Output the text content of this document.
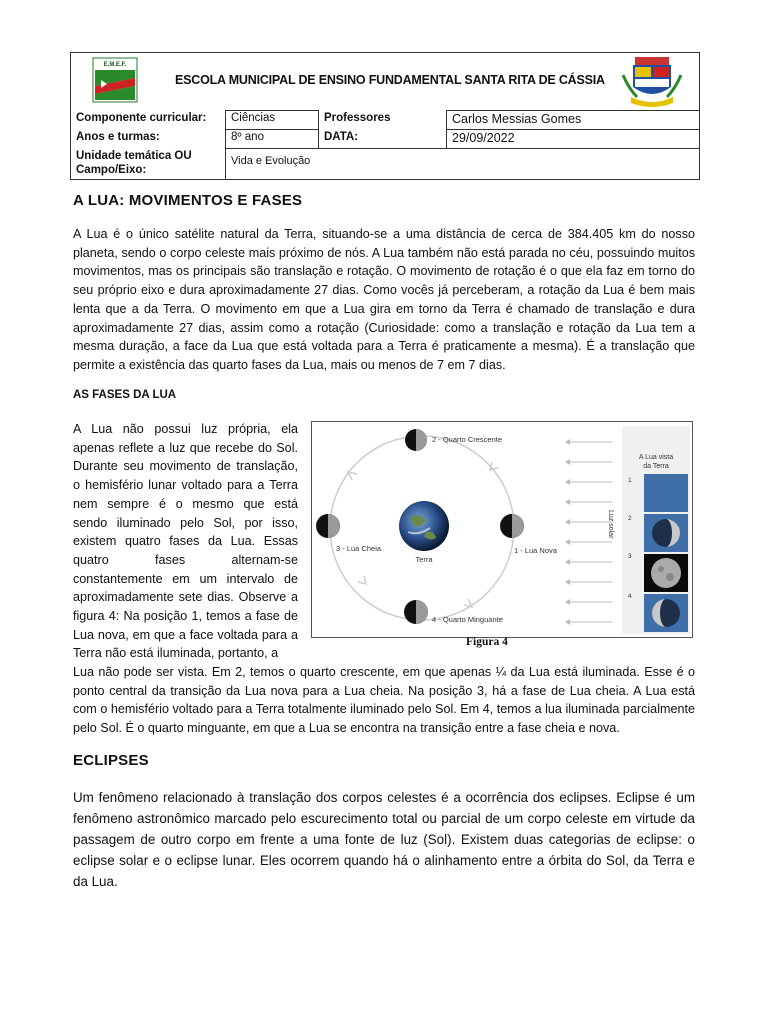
E.M.E.F.
ESCOLA MUNICIPAL DE ENSINO FUNDAMENTAL SANTA RITA DE CÁSSIA
Componente curricular:	Ciências	Professores	Carlos Messias Gomes
Anos e turmas:	8º ano	DATA:	29/09/2022
Unidade temática OU Campo/Eixo:
Vida e Evolução
A LUA: MOVIMENTOS E FASES
A Lua é o único satélite natural da Terra, situando-se a uma distância de cerca de 384.405 km do nosso planeta, sendo o corpo celeste mais próximo de nós. A Lua também não está parada no céu, possuindo muitos movimentos, mas os principais são translação e rotação. O movimento de rotação é o que ela faz em torno do seu próprio eixo e dura aproximadamente 27 dias. Como vocês já perceberam, a rotação da Lua é bem mais lenta que a da Terra. O movimento em que a Lua gira em torno da Terra é chamado de translação e dura aproximadamente 27 dias, assim como a rotação (Curiosidade: como a translação e rotação da Lua tem a mesma duração, a face da Lua que está voltada para a Terra é praticamente a mesma). É a translação que permite a existência das quarto fases da Lua, mais ou menos de 7 em 7 dias.
AS FASES DA LUA
A Lua não possui luz própria, ela apenas reflete a luz que recebe do Sol. Durante seu movimento de translação, o hemisfério lunar voltado para a Terra nem sempre é o mesmo que está sendo iluminado pelo Sol, por isso, existem quatro fases da Lua. Essas quatro fases alternam-se constantemente em um intervalo de aproximadamente sete dias. Observe a figura 4: Na posição 1, temos a fase de Lua nova, em que a face voltada para a Terra não está iluminada, portanto, a
Lua não pode ser vista. Em 2, temos o quarto crescente, em que apenas ¼ da Lua está iluminada. Esse é o ponto central da transição da Lua nova para a Lua cheia. Na posição 3, há a fase de Lua cheia. A Lua está com o hemisfério voltado para a Terra totalmente iluminado pelo Sol. Em 4, temos a lua iluminada parcialmente pelo Sol. É o quarto minguante, em que a Lua se encontra na transição entre a fase cheia e nova.
Terra
2 - Quarto Crescente
1 - Lua Nova
3 - Lua Cheia
4 - Quarto Minguante
Luz solar
A Lua vista
da Terra
1
2
3
4
Figura 4
ECLIPSES
Um fenômeno relacionado à translação dos corpos celestes é a ocorrência dos eclipses. Eclipse é um fenômeno astronômico marcado pelo escurecimento total ou parcial de um corpo celeste em virtude da passagem de outro corpo em frente a uma fonte de luz (Sol). Existem duas categorias de eclipse: o eclipse solar e o eclipse lunar. Eles ocorrem quando há o alinhamento entre a órbita do Sol, da Terra e da Lua.
